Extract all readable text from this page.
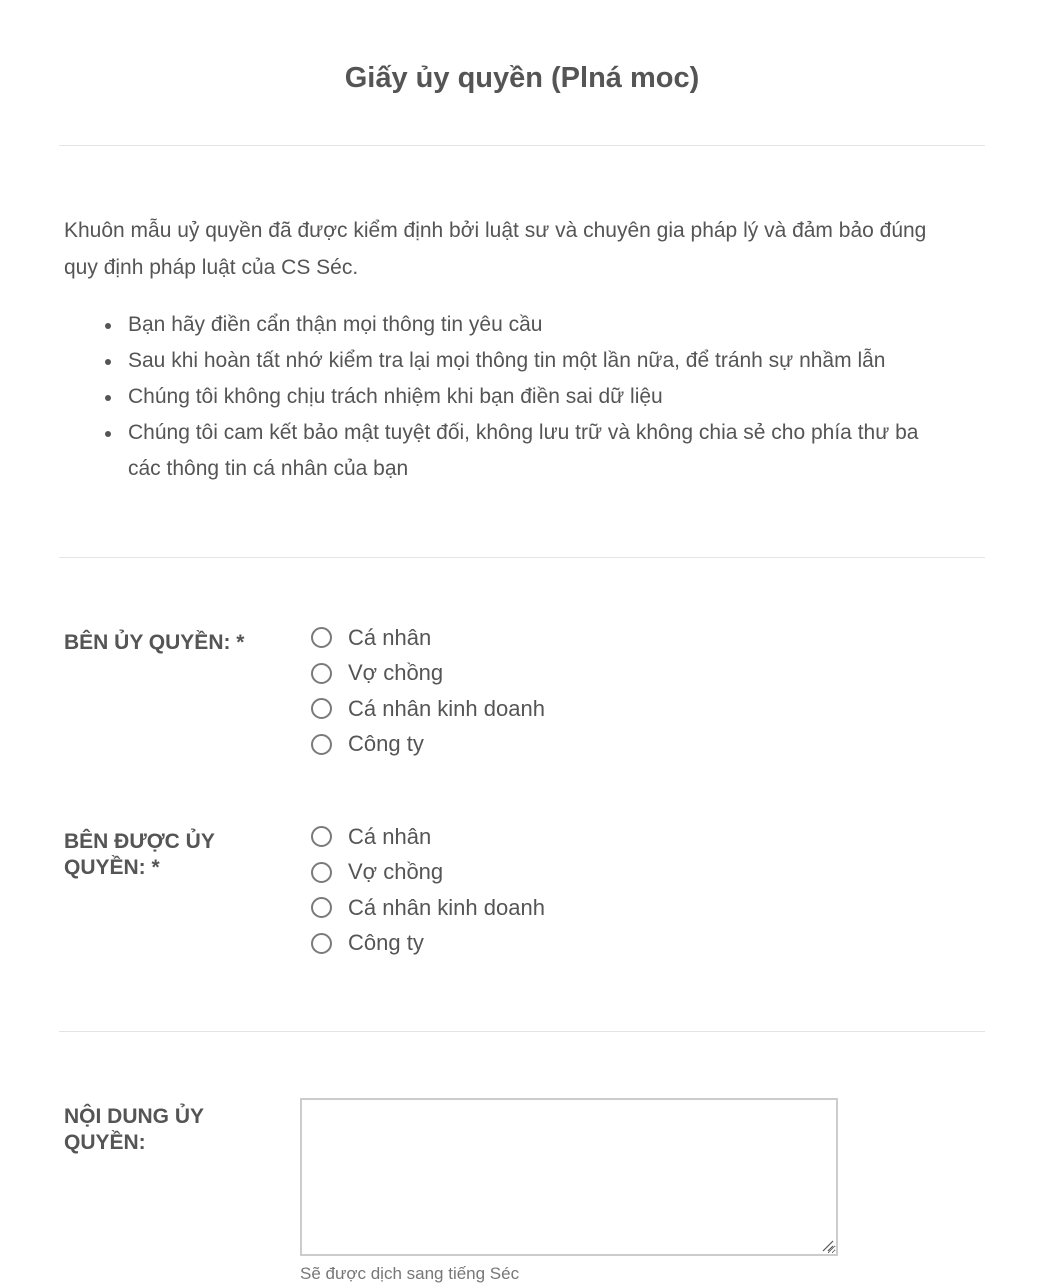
Giấy ủy quyền (Plná moc)

Khuôn mẫu uỷ quyền đã được kiểm định bởi luật sư và chuyên gia pháp lý và đảm bảo đúng quy định pháp luật của CS Séc.

Bạn hãy điền cẩn thận mọi thông tin yêu cầu
Sau khi hoàn tất nhớ kiểm tra lại mọi thông tin một lần nữa, để tránh sự nhầm lẫn
Chúng tôi không chịu trách nhiệm khi bạn điền sai dữ liệu
Chúng tôi cam kết bảo mật tuyệt đối, không lưu trữ và không chia sẻ cho phía thư ba các thông tin cá nhân của bạn
BÊN ỦY QUYỀN: *	Cá nhân
Vợ chồng
Cá nhân kinh doanh
Công ty
BÊN ĐƯỢC ỦY QUYỀN: *
Cá nhân
Vợ chồng
Cá nhân kinh doanh
Công ty
NỘI DUNG ỦY QUYỀN:
Sẽ được dịch sang tiếng Séc
